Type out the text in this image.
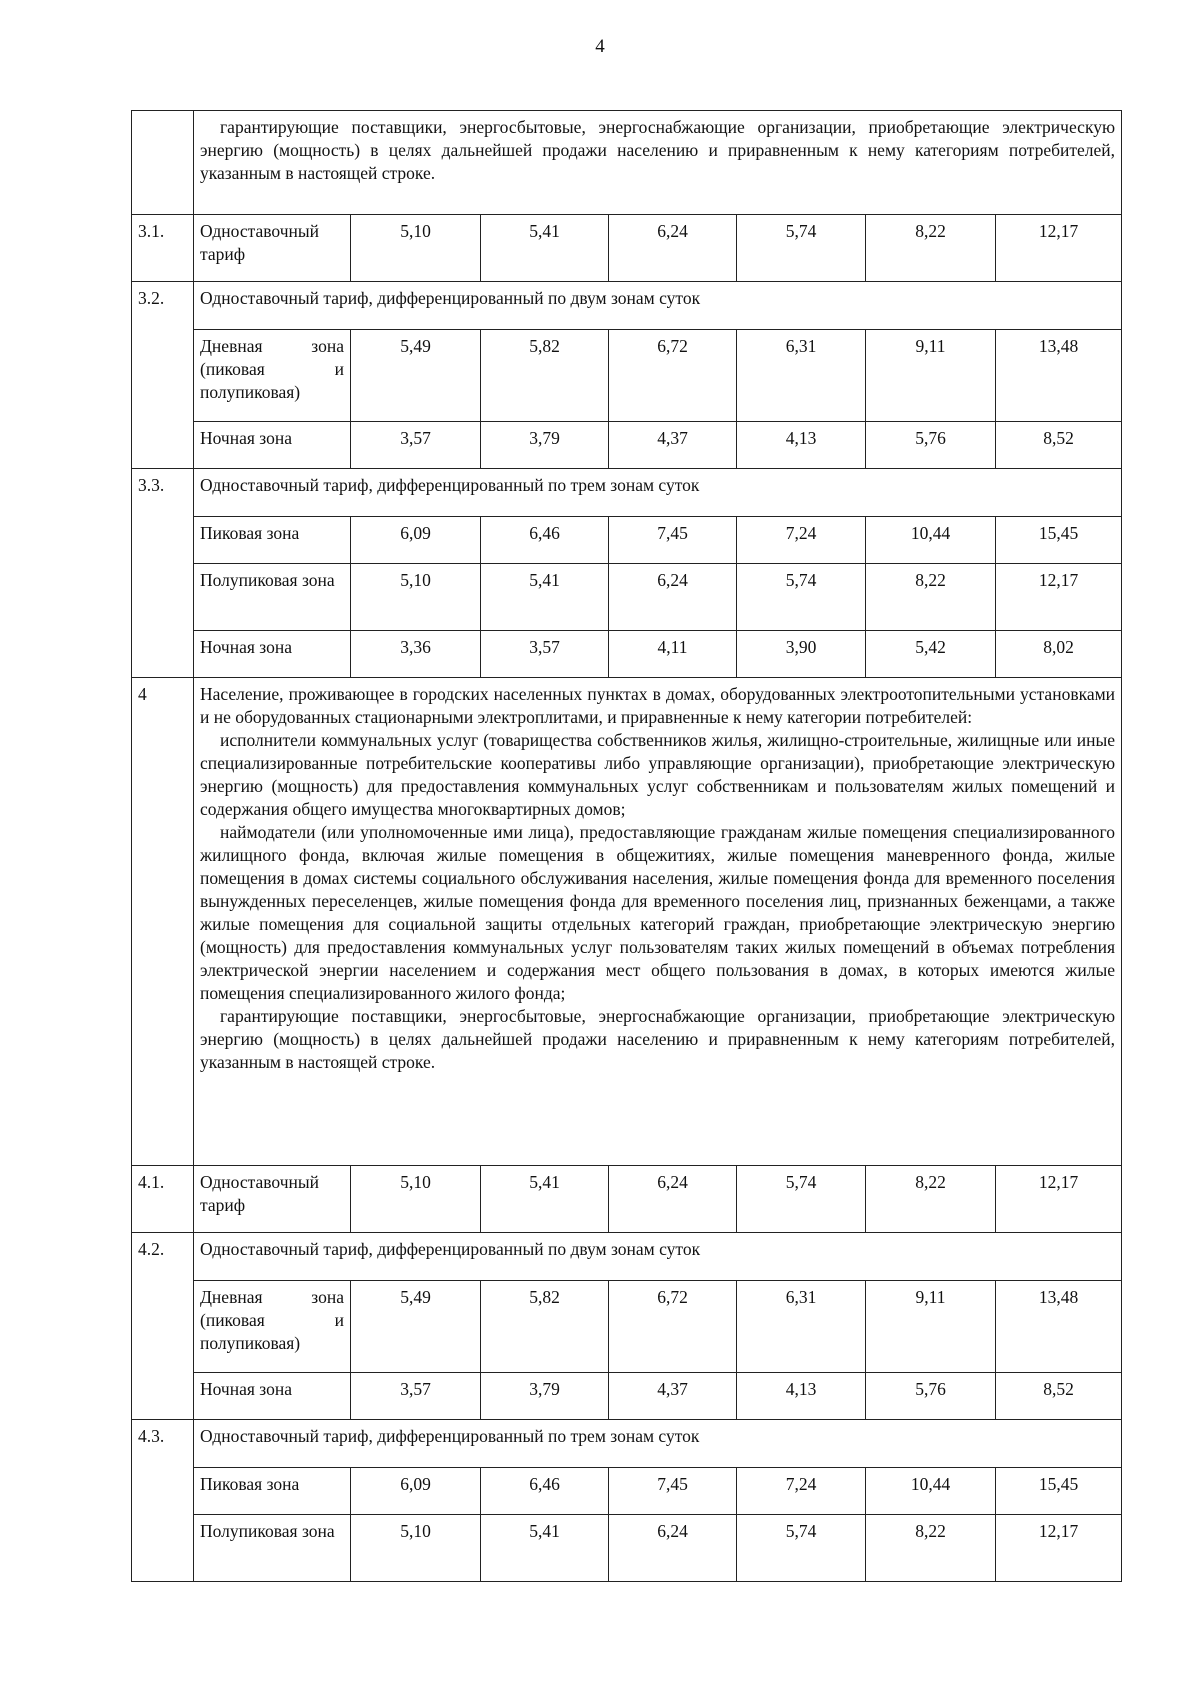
4

	гарантирующие поставщики, энергосбытовые, энергоснабжающие организации, приобретающие электрическую энергию (мощность) в целях дальнейшей продажи населению и приравненным к нему категориям потребителей, указанным в настоящей строке.						

3.1.	Одноставочный тариф	5,10	5,41	6,24	5,74	8,22	12,17
3.2.	Одноставочный тариф, дифференцированный по двум зонам суток						
	Дневная зона (пиковая и полупиковая)	5,49	5,82	6,72	6,31	9,11	13,48
	Ночная зона	3,57	3,79	4,37	4,13	5,76	8,52
3.3.	Одноставочный тариф, дифференцированный по трем зонам суток						
	Пиковая зона	6,09	6,46	7,45	7,24	10,44	15,45
	Полупиковая зона	5,10	5,41	6,24	5,74	8,22	12,17
	Ночная зона	3,36	3,57	4,11	3,90	5,42	8,02
4	Население, проживающее в городских населенных пунктах в домах, оборудованных электроотопительными установками и не оборудованных стационарными электроплитами, и приравненные к нему категории потребителей:
исполнители коммунальных услуг (товарищества собственников жилья, жилищно-строительные, жилищные или иные специализированные потребительские кооперативы либо управляющие организации), приобретающие электрическую энергию (мощность) для предоставления коммунальных услуг собственникам и пользователям жилых помещений и содержания общего имущества многоквартирных домов;
наймодатели (или уполномоченные ими лица), предоставляющие гражданам жилые помещения специализированного жилищного фонда, включая жилые помещения в общежитиях, жилые помещения маневренного фонда, жилые помещения в домах системы социального обслуживания населения, жилые помещения фонда для временного поселения вынужденных переселенцев, жилые помещения фонда для временного поселения лиц, признанных беженцами, а также жилые помещения для социальной защиты отдельных категорий граждан, приобретающие электрическую энергию (мощность) для предоставления коммунальных услуг пользователям таких жилых помещений в объемах потребления электрической энергии населением и содержания мест общего пользования в домах, в которых имеются жилые помещения специализированного жилого фонда;
гарантирующие поставщики, энергосбытовые, энергоснабжающие организации, приобретающие электрическую энергию (мощность) в целях дальнейшей продажи населению и приравненным к нему категориям потребителей, указанным в настоящей строке.						

4.1.	Одноставочный тариф	5,10	5,41	6,24	5,74	8,22	12,17
4.2.	Одноставочный тариф, дифференцированный по двум зонам суток						
	Дневная зона (пиковая и полупиковая)	5,49	5,82	6,72	6,31	9,11	13,48
	Ночная зона	3,57	3,79	4,37	4,13	5,76	8,52
4.3.	Одноставочный тариф, дифференцированный по трем зонам суток						
	Пиковая зона	6,09	6,46	7,45	7,24	10,44	15,45
	Полупиковая зона	5,10	5,41	6,24	5,74	8,22	12,17
